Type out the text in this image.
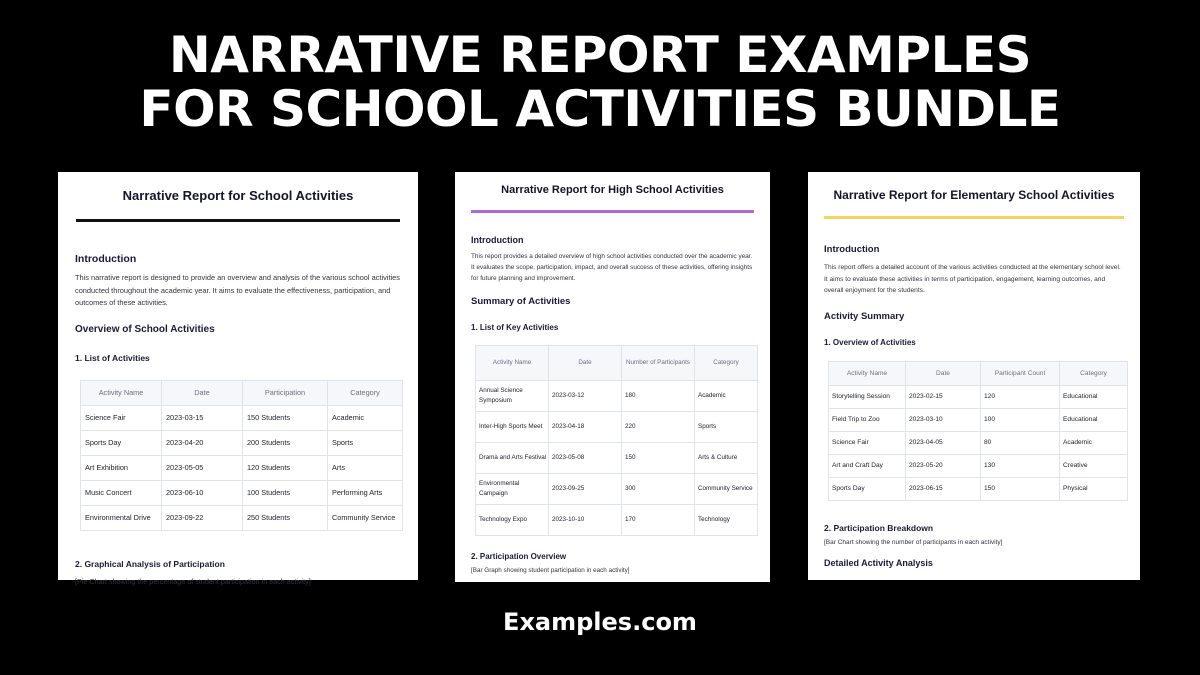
NARRATIVE REPORT EXAMPLES
FOR SCHOOL ACTIVITIES BUNDLE
Narrative Report for School Activities
Introduction

This narrative report is designed to provide an overview and analysis of the various school activities conducted throughout the academic year. It aims to evaluate the effectiveness, participation, and outcomes of these activities.

Overview of School Activities
1. List of Activities
Activity Name	Date	Participation	Category
Science Fair	2023-03-15	150 Students	Academic
Sports Day	2023-04-20	200 Students	Sports
Art Exhibition	2023-05-05	120 Students	Arts
Music Concert	2023-06-10	100 Students	Performing Arts
Environmental Drive	2023-09-22	250 Students	Community Service
2. Graphical Analysis of Participation
[Pie Chart showing the percentage of student participation in each activity]
Narrative Report for High School Activities
Introduction

This report provides a detailed overview of high school activities conducted over the academic year. It evaluates the scope, participation, impact, and overall success of these activities, offering insights for future planning and improvement.

Summary of Activities
1. List of Key Activities
Activity Name	Date	Number of Participants	Category
Annual Science Symposium	2023-03-12	180	Academic
Inter-High Sports Meet	2023-04-18	220	Sports
Drama and Arts Festival	2023-05-08	150	Arts & Culture
Environmental Campaign	2023-09-25	300	Community Service
Technology Expo	2023-10-10	170	Technology
2. Participation Overview
[Bar Graph showing student participation in each activity]
Narrative Report for Elementary School Activities
Introduction

This report offers a detailed account of the various activities conducted at the elementary school level. It aims to evaluate these activities in terms of participation, engagement, learning outcomes, and overall enjoyment for the students.

Activity Summary
1. Overview of Activities
Activity Name	Date	Participant Count	Category
Storytelling Session	2023-02-15	120	Educational
Field Trip to Zoo	2023-03-10	100	Educational
Science Fair	2023-04-05	80	Academic
Art and Craft Day	2023-05-20	130	Creative
Sports Day	2023-06-15	150	Physical
2. Participation Breakdown
[Bar Chart showing the number of participants in each activity]
Detailed Activity Analysis
Examples.com
